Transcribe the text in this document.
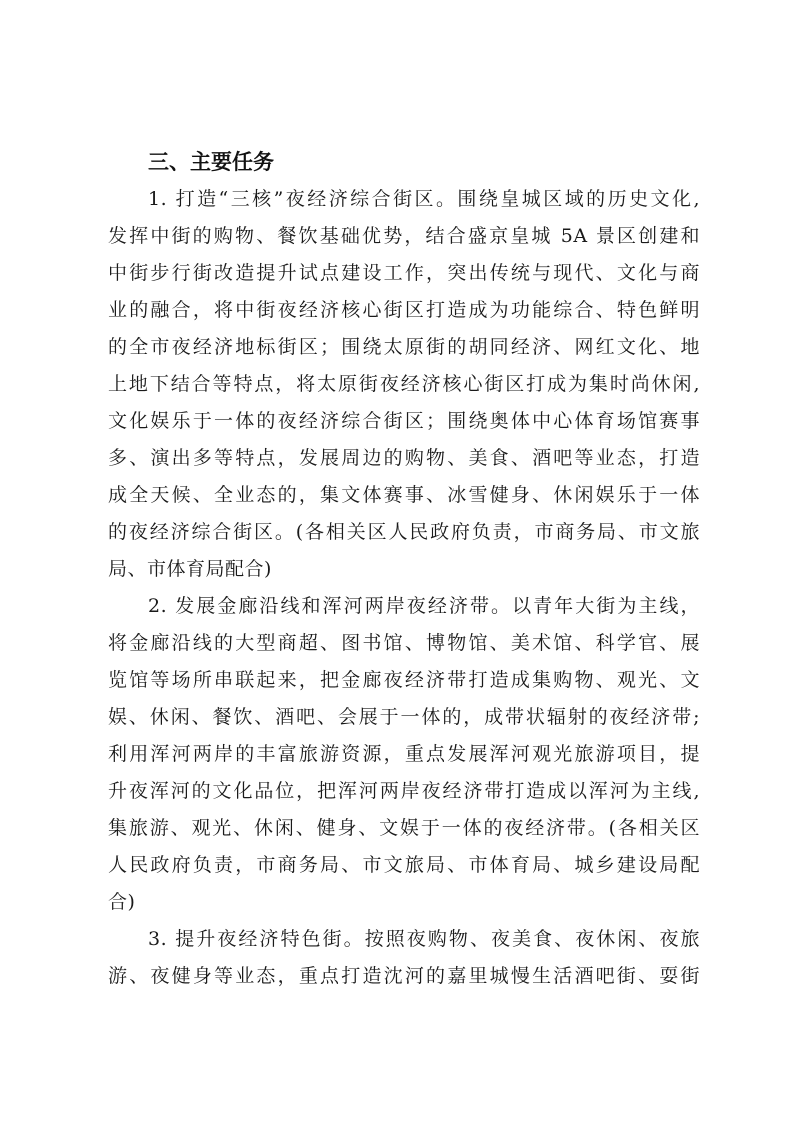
三、主要任务
1. 打造“三核”夜经济综合街区。围绕皇城区域的历史文化,
发挥中街的购物、餐饮基础优势，结合盛京皇城 5A 景区创建和
中街步行街改造提升试点建设工作，突出传统与现代、文化与商
业的融合，将中街夜经济核心街区打造成为功能综合、特色鲜明
的全市夜经济地标街区；围绕太原街的胡同经济、网红文化、地
上地下结合等特点，将太原街夜经济核心街区打成为集时尚休闲,
文化娱乐于一体的夜经济综合街区；围绕奥体中心体育场馆赛事
多、演出多等特点，发展周边的购物、美食、酒吧等业态，打造
成全天候、全业态的，集文体赛事、冰雪健身、休闲娱乐于一体
的夜经济综合街区。(各相关区人民政府负责，市商务局、市文旅
局、市体育局配合)
2. 发展金廊沿线和浑河两岸夜经济带。以青年大街为主线，
将金廊沿线的大型商超、图书馆、博物馆、美术馆、科学官、展
览馆等场所串联起来，把金廊夜经济带打造成集购物、观光、文
娱、休闲、餐饮、酒吧、会展于一体的，成带状辐射的夜经济带;
利用浑河两岸的丰富旅游资源，重点发展浑河观光旅游项目，提
升夜浑河的文化品位，把浑河两岸夜经济带打造成以浑河为主线,
集旅游、观光、休闲、健身、文娱于一体的夜经济带。(各相关区
人民政府负责，市商务局、市文旅局、市体育局、城乡建设局配
合)
3. 提升夜经济特色街。按照夜购物、夜美食、夜休闲、夜旅
游、夜健身等业态，重点打造沈河的嘉里城慢生活酒吧街、耍街
